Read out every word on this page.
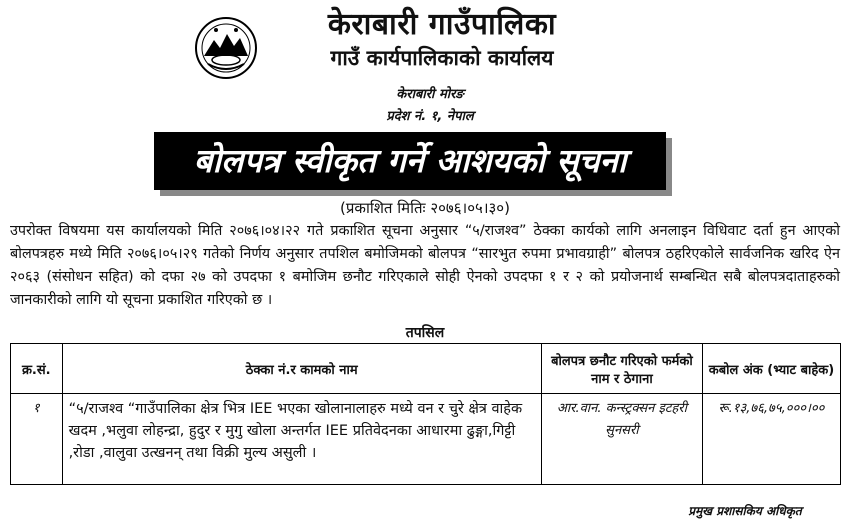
केराबारी गाउँपालिका
गाउँ कार्यपालिकाको कार्यालय
केराबारी मोरङ
प्रदेश नं. १, नेपाल
बोलपत्र स्वीकृत गर्ने आशयको सूचना
(प्रकाशित मितिः २०७६।०५।३०)

उपरोक्त विषयमा यस कार्यालयको मिति २०७६।०४।२२ गते प्रकाशित सूचना अनुसार “५/राजश्व” ठेक्का कार्यको लागि अनलाइन विधिवाट दर्ता हुन आएको बोलपत्रहरु मध्ये मिति २०७६।०५।२९ गतेको निर्णय अनुसार तपशिल बमोजिमको बोलपत्र “सारभुत रुपमा प्रभावग्राही” बोलपत्र ठहरिएकोले सार्वजनिक खरिद ऐन २०६३ (संसोधन सहित) को दफा २७ को उपदफा १ बमोजिम छनौट गरिएकाले सोही ऐनको उपदफा १ र २ को प्रयोजनार्थ सम्बन्धित सबै बोलपत्रदाताहरुको जानकारीको लागि यो सूचना प्रकाशित गरिएको छ ।

तपसिल
क्र.सं.	ठेक्का नं.र कामको नाम	बोलपत्र छनौट गरिएको फर्मको नाम र ठेगाना	कबोल अंक (भ्याट बाहेक)
१	“५/राजश्व “गाउँपालिका क्षेत्र भित्र IEE भएका खोलानालाहरु मध्ये वन र चुरे क्षेत्र वाहेक खदम ,भलुवा लोहन्द्रा, हुदुर र मुगु खोला अन्तर्गत IEE प्रतिवेदनका आधारमा ढुङ्गा,गिट्टी ,रोडा ,वालुवा उत्खनन् तथा विक्री मुल्य असुली ।	आर.वान. कन्स्ट्रक्सन इटहरी सुनसरी	रू.१३,७६,७५,०००।००
प्रमुख प्रशासकिय अधिकृत
